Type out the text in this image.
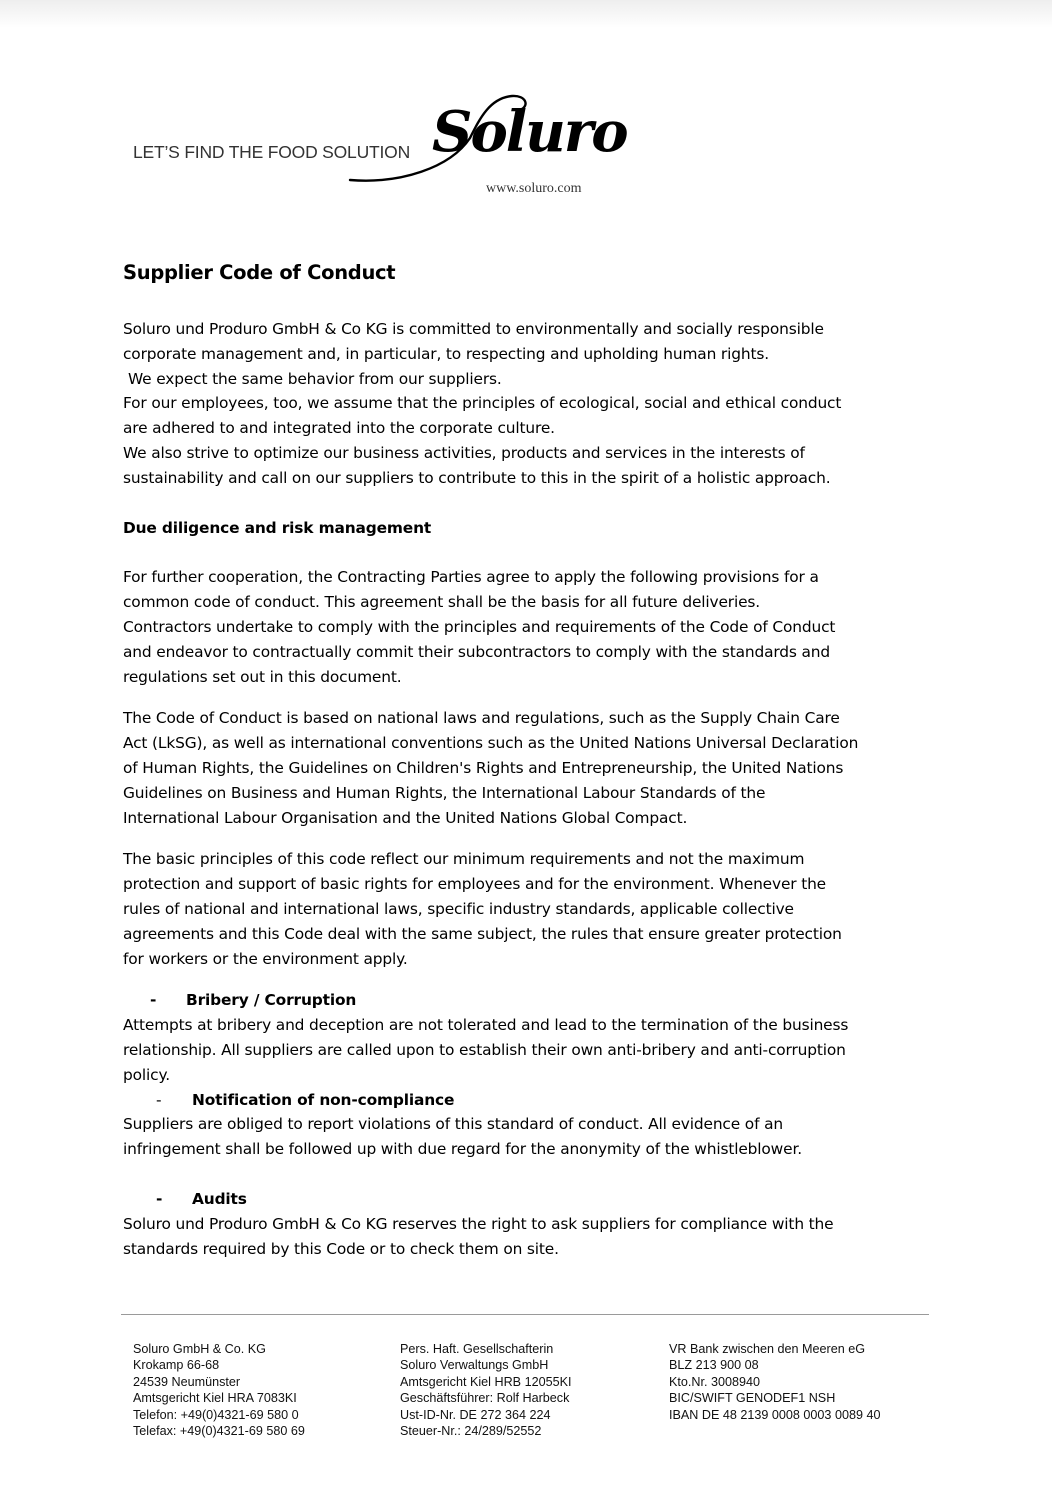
LET’S FIND THE FOOD SOLUTION Soluro
www.soluro.com
Supplier Code of Conduct

Soluro und Produro GmbH & Co KG is committed to environmentally and socially responsible

corporate management and, in particular, to respecting and upholding human rights.

We expect the same behavior from our suppliers.

For our employees, too, we assume that the principles of ecological, social and ethical conduct

are adhered to and integrated into the corporate culture.

We also strive to optimize our business activities, products and services in the interests of

sustainability and call on our suppliers to contribute to this in the spirit of a holistic approach.

Due diligence and risk management

For further cooperation, the Contracting Parties agree to apply the following provisions for a

common code of conduct. This agreement shall be the basis for all future deliveries.

Contractors undertake to comply with the principles and requirements of the Code of Conduct

and endeavor to contractually commit their subcontractors to comply with the standards and

regulations set out in this document.

The Code of Conduct is based on national laws and regulations, such as the Supply Chain Care

Act (LkSG), as well as international conventions such as the United Nations Universal Declaration

of Human Rights, the Guidelines on Children's Rights and Entrepreneurship, the United Nations

Guidelines on Business and Human Rights, the International Labour Standards of the

International Labour Organisation and the United Nations Global Compact.

The basic principles of this code reflect our minimum requirements and not the maximum

protection and support of basic rights for employees and for the environment. Whenever the

rules of national and international laws, specific industry standards, applicable collective

agreements and this Code deal with the same subject, the rules that ensure greater protection

for workers or the environment apply.

-	Bribery / Corruption

Attempts at bribery and deception are not tolerated and lead to the termination of the business

relationship. All suppliers are called upon to establish their own anti-bribery and anti-corruption

policy.

-	Notification of non-compliance

Suppliers are obliged to report violations of this standard of conduct. All evidence of an

infringement shall be followed up with due regard for the anonymity of the whistleblower.

-	Audits

Soluro und Produro GmbH & Co KG reserves the right to ask suppliers for compliance with the

standards required by this Code or to check them on site.

Soluro GmbH & Co. KG
Krokamp 66-68
24539 Neumünster
Amtsgericht Kiel HRA 7083KI
Telefon: +49(0)4321-69 580 0
Telefax: +49(0)4321-69 580 69
Pers. Haft. Gesellschafterin
Soluro Verwaltungs GmbH
Amtsgericht Kiel HRB 12055KI
Geschäftsführer: Rolf Harbeck
Ust-ID-Nr. DE 272 364 224
Steuer-Nr.: 24/289/52552
VR Bank zwischen den Meeren eG
BLZ 213 900 08
Kto.Nr. 3008940
BIC/SWIFT GENODEF1 NSH
IBAN DE 48 2139 0008 0003 0089 40
